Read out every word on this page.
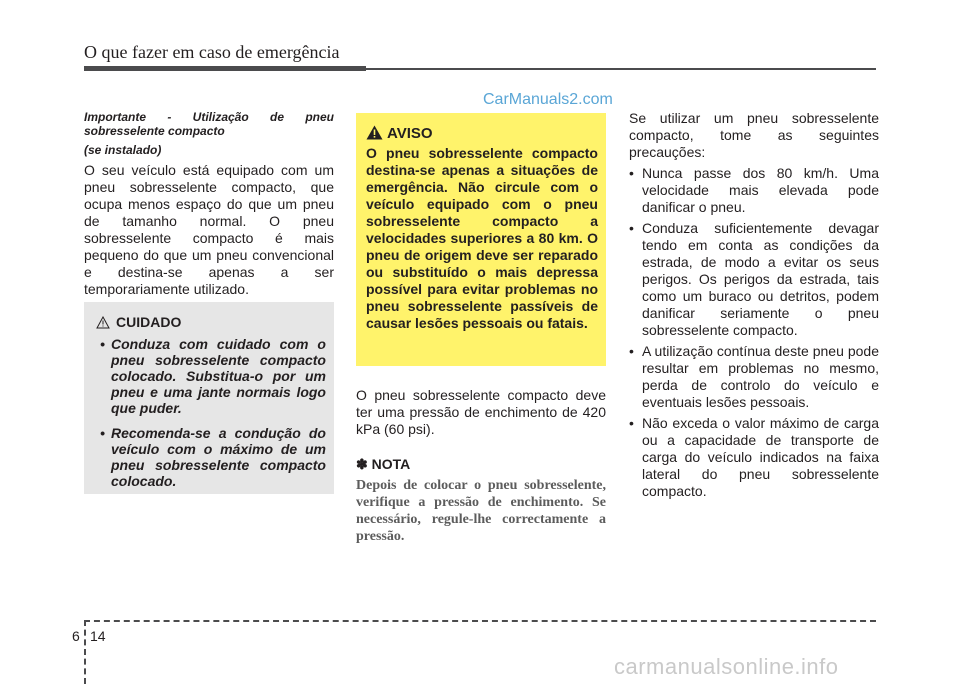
O que fazer em caso de emergência
CarManuals2.com
Importante - Utilização de pneu sobresselente compacto
(se instalado)

O seu veículo está equipado com um pneu sobresselente compacto, que ocupa menos espaço do que um pneu de tamanho normal. O pneu sobresselente compacto é mais pequeno do que um pneu convencional e destina-se apenas a ser temporariamente utilizado.

CUIDADO
• Conduza com cuidado com o pneu sobresselente compacto colocado. Substitua-o por um pneu e uma jante normais logo que puder.
• Recomenda-se a condução do veículo com o máximo de um pneu sobresselente compacto colocado.
AVISO
O pneu sobresselente compacto destina-se apenas a situações de emergência. Não circule com o veículo equipado com o pneu sobresselente compacto a velocidades superiores a 80 km. O pneu de origem deve ser reparado ou substituído o mais depressa possível para evitar problemas no pneu sobresselente passíveis de causar lesões pessoais ou fatais.

O pneu sobresselente compacto deve ter uma pressão de enchimento de 420 kPa (60 psi).

✽ NOTA
Depois de colocar o pneu sobresselente, verifique a pressão de enchimento. Se necessário, regule-lhe correctamente a pressão.

Se utilizar um pneu sobresselente compacto, tome as seguintes precauções:

• Nunca passe dos 80 km/h. Uma velocidade mais elevada pode danificar o pneu.
• Conduza suficientemente devagar tendo em conta as condições da estrada, de modo a evitar os seus perigos. Os perigos da estrada, tais como um buraco ou detritos, podem danificar seriamente o pneu sobresselente compacto.
• A utilização contínua deste pneu pode resultar em problemas no mesmo, perda de controlo do veículo e eventuais lesões pessoais.
• Não exceda o valor máximo de carga ou a capacidade de transporte de carga do veículo indicados na faixa lateral do pneu sobresselente compacto.
6 14
carmanualsonline.info
